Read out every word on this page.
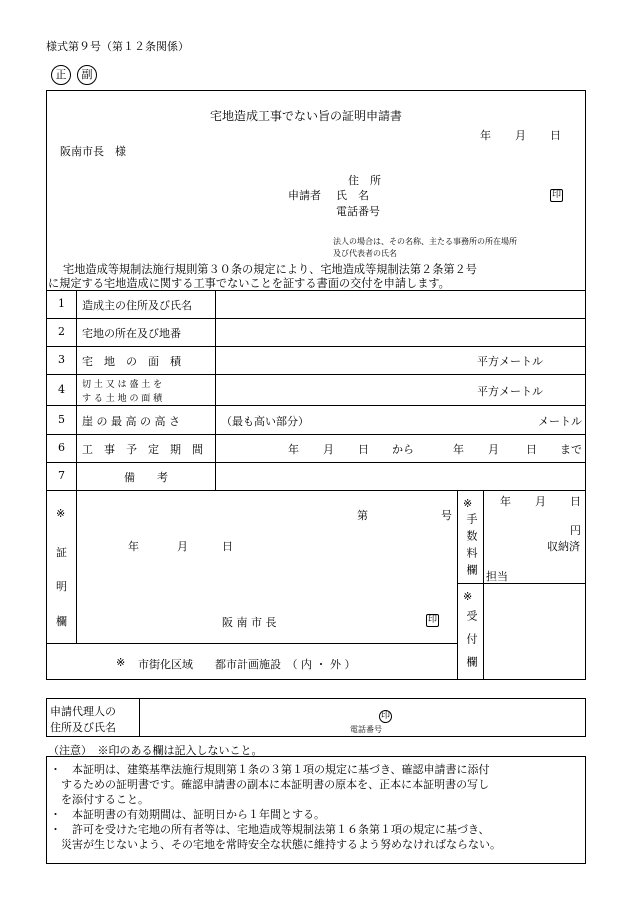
様式第９号（第１２条関係）
正	副
宅地造成工事でない旨の証明申請書
年 月 日
阪南市長　様
住　所
申請者 氏　名	印
電話番号
法人の場合は、その名称、主たる事務所の所在場所
及び代表者の氏名
宅地造成等規制法施行規則第３０条の規定により、宅地造成等規制法第２条第２号
に規定する宅地造成に関する工事でないことを証する書面の交付を申請します。
1 造成主の住所及び氏名
2 宅地の所在及び地番
3 宅　地　の　面　積	平方メートル
4 切 土 又 は 盛 土 を
す る 土 地 の 面 積
平方メートル
5 崖 の 最 高 の 高 さ	（最も高い部分）	メートル
6 工　事　予　定　期　間	年 月 日 から	年 月 日 まで
7	備　　考
※
証
明
欄
第	号
年	月	日
阪 南 市 長	印
※ 市街化区域　　都市計画施設　（ 内 ・ 外 ）
※
手数料欄
年 月 日
円
収納済
担当
※
受付欄
申請代理人の
住所及び氏名
印
電話番号
（注意）　※印のある欄は記入しないこと。
・　本証明は、建築基準法施行規則第１条の３第１項の規定に基づき、確認申請書に添付
　するための証明書です。確認申請書の副本に本証明書の原本を、正本に本証明書の写し
　を添付すること。
・　本証明書の有効期間は、証明日から１年間とする。
・　許可を受けた宅地の所有者等は、宅地造成等規制法第１６条第１項の規定に基づき、
　災害が生じないよう、その宅地を常時安全な状態に維持するよう努めなければならない。
